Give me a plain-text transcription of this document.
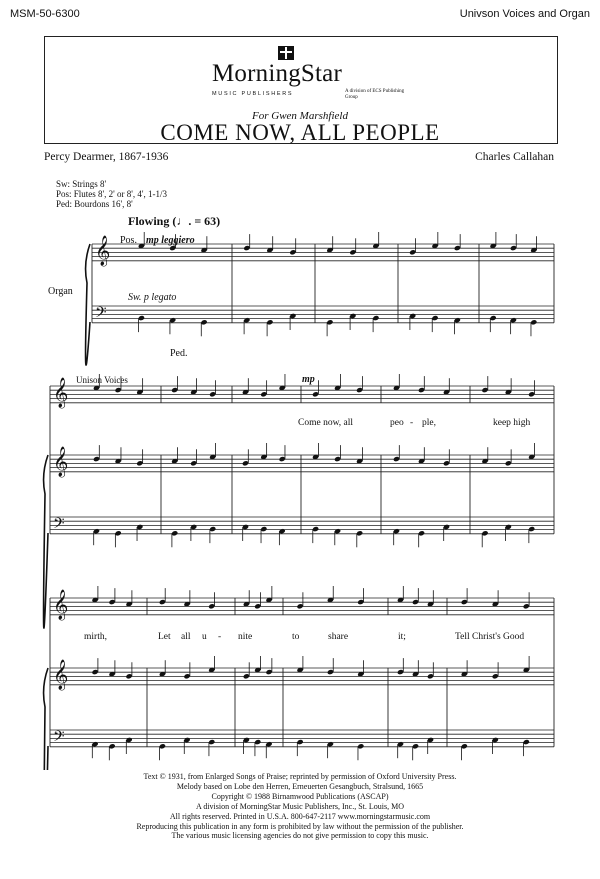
MSM-50-6300	Univson Voices and Organ
MorningStar
MUSIC PUBLISHERS	A division of ECS Publishing Group
For Gwen Marshfield
COME NOW, ALL PEOPLE
Percy Dearmer, 1867-1936	Charles Callahan
Sw: Strings 8'
Pos: Flutes 8', 2' or 8', 4', 1-1/3
Ped: Bourdons 16', 8'
Flowing (♩. = 63)
Pos. mp leggiero
Sw. p legato
Ped.
Organ
Unison Voices	mp
Come now, all	peo - ple,	keep high
mirth,	Let all u - nite	to	share	it;	Tell Christ's Good
𝄞
𝄢
𝄞
𝄞
𝄢
𝄞
𝄞
𝄢
Text © 1931, from Enlarged Songs of Praise; reprinted by permission of Oxford University Press.
Melody based on Lobe den Herren, Erneuerten Gesangbuch, Stralsund, 1665
Copyright © 1988 Birnamwood Publications (ASCAP)
A division of MorningStar Music Publishers, Inc., St. Louis, MO
All rights reserved. Printed in U.S.A. 800-647-2117 www.morningstarmusic.com
Reproducing this publication in any form is prohibited by law without the permission of the publisher.
The various music licensing agencies do not give permission to copy this music.
